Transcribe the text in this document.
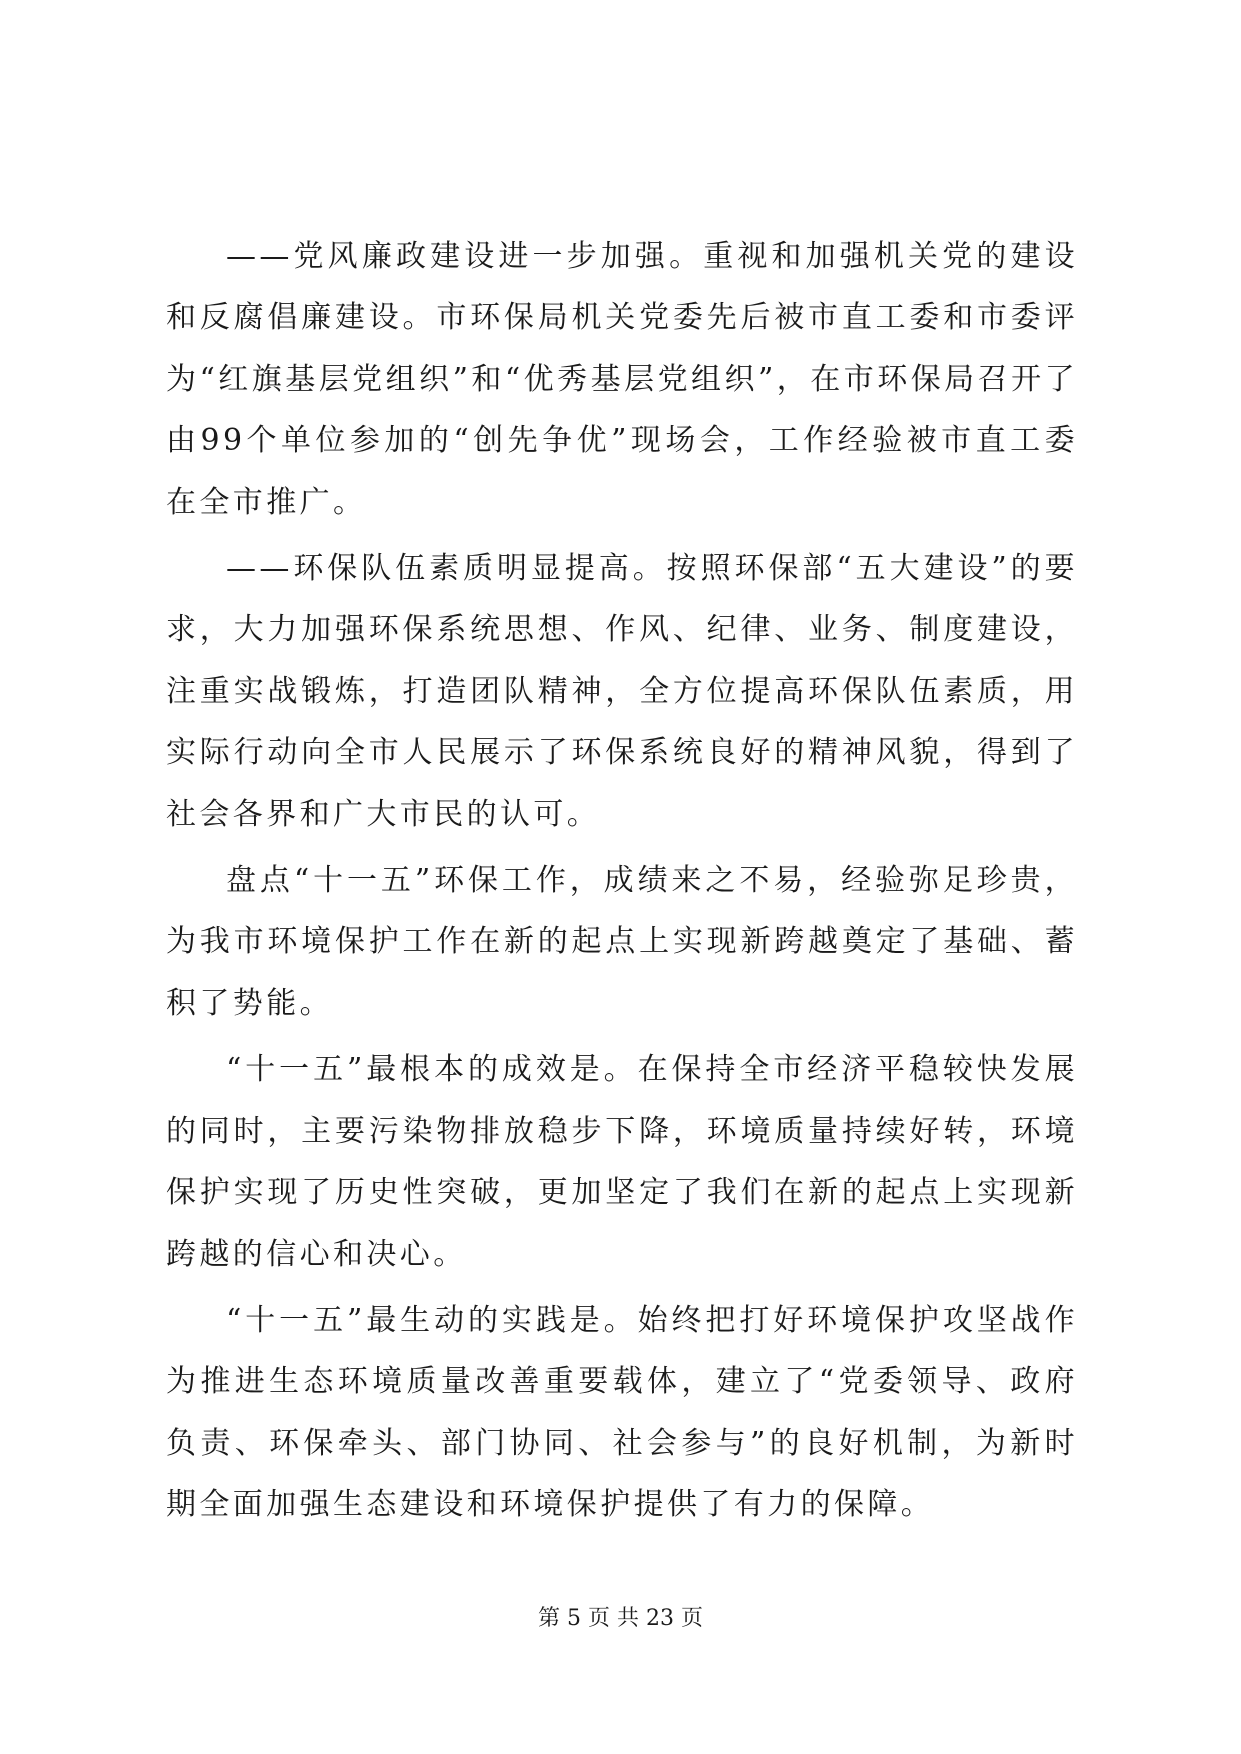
——党风廉政建设进一步加强。重视和加强机关党的建设和反腐倡廉建设。市环保局机关党委先后被市直工委和市委评为“红旗基层党组织”和“优秀基层党组织”，在市环保局召开了由99个单位参加的“创先争优”现场会，工作经验被市直工委在全市推广。

——环保队伍素质明显提高。按照环保部“五大建设”的要求，大力加强环保系统思想、作风、纪律、业务、制度建设，注重实战锻炼，打造团队精神，全方位提高环保队伍素质，用实际行动向全市人民展示了环保系统良好的精神风貌，得到了社会各界和广大市民的认可。

盘点“十一五”环保工作，成绩来之不易，经验弥足珍贵，为我市环境保护工作在新的起点上实现新跨越奠定了基础、蓄积了势能。

“十一五”最根本的成效是。在保持全市经济平稳较快发展的同时，主要污染物排放稳步下降，环境质量持续好转，环境保护实现了历史性突破，更加坚定了我们在新的起点上实现新跨越的信心和决心。

“十一五”最生动的实践是。始终把打好环境保护攻坚战作为推进生态环境质量改善重要载体，建立了“党委领导、政府负责、环保牵头、部门协同、社会参与”的良好机制，为新时期全面加强生态建设和环境保护提供了有力的保障。

第 5 页 共 23 页
